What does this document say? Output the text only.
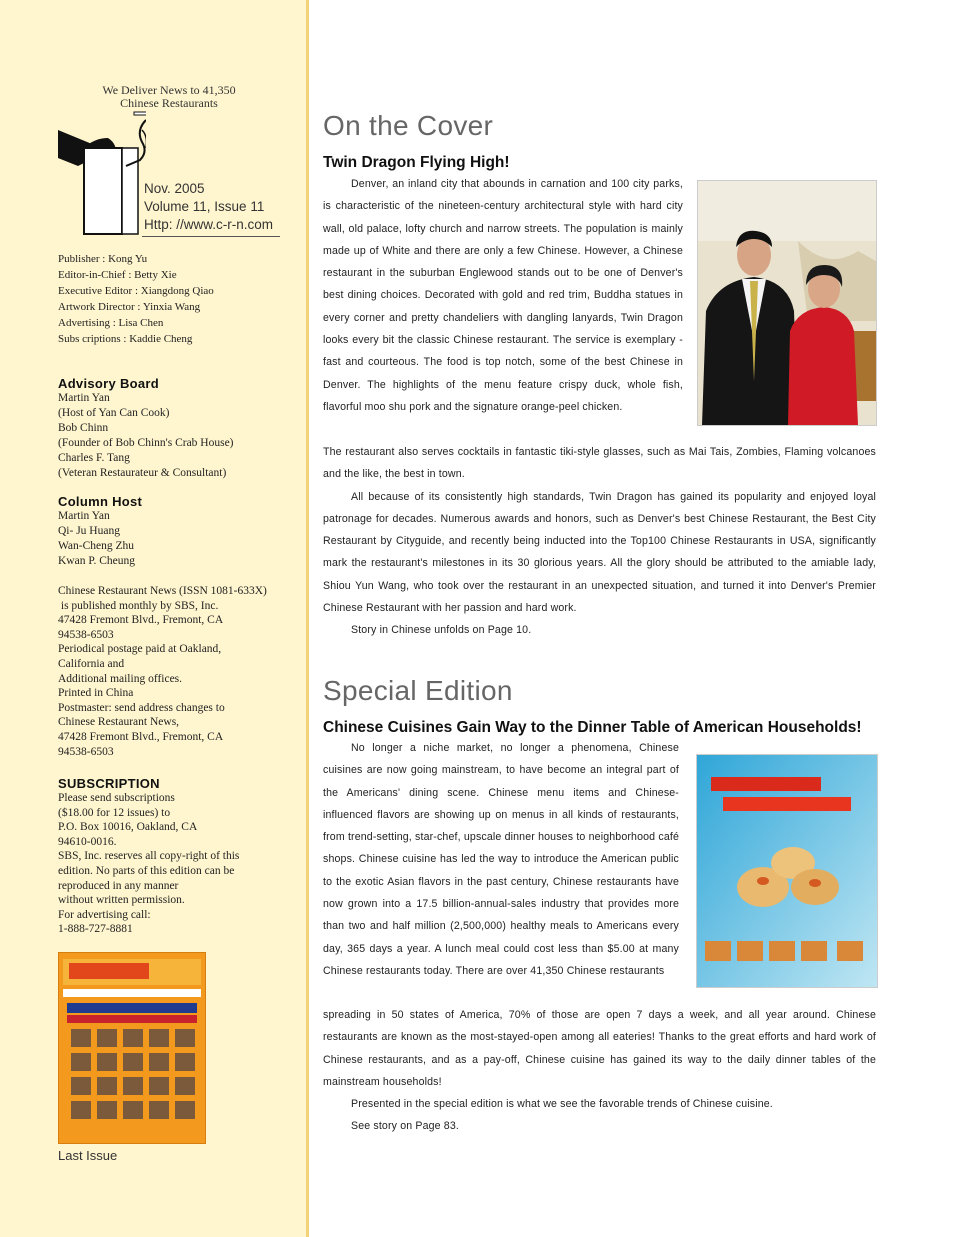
We Deliver News to 41,350
Chinese Restaurants
Nov. 2005
Volume 11, Issue 11
Http: //www.c-r-n.com
Publisher : Kong Yu
Editor-in-Chief : Betty Xie
Executive Editor : Xiangdong Qiao
Artwork Director : Yinxia Wang
Advertising : Lisa Chen
Subs criptions : Kaddie Cheng
Advisory Board
Martin Yan
(Host of Yan Can Cook)
Bob Chinn
(Founder of Bob Chinn's Crab House)
Charles F. Tang
(Veteran Restaurateur & Consultant)
Column Host
Martin Yan
Qi- Ju Huang
Wan-Cheng Zhu
Kwan P. Cheung
Chinese Restaurant News (ISSN 1081-633X)
is published monthly by SBS, Inc.
47428 Fremont Blvd., Fremont, CA
94538-6503
Periodical postage paid at Oakland,
California and
Additional mailing offices.
Printed in China
Postmaster: send address changes to
Chinese Restaurant News,
47428 Fremont Blvd., Fremont, CA
94538-6503
SUBSCRIPTION
Please send subscriptions
($18.00 for 12 issues) to
P.O. Box 10016, Oakland, CA
94610-0016.
SBS, Inc. reserves all copy-right of this
edition. No parts of this edition can be
reproduced in any manner
without written permission.
For advertising call:
1-888-727-8881
Last Issue
On the Cover
Twin Dragon Flying High!

Denver, an inland city that abounds in carnation and 100 city parks, is characteristic of the nineteen-century architectural style with hard city wall, old palace, lofty church and narrow streets. The population is mainly made up of White and there are only a few Chinese. However, a Chinese restaurant in the suburban Englewood stands out to be one of Denver's best dining choices. Decorated with gold and red trim, Buddha statues in every corner and pretty chandeliers with dangling lanyards, Twin Dragon looks every bit the classic Chinese restaurant. The service is exemplary - fast and courteous. The food is top notch, some of the best Chinese in Denver. The highlights of the menu feature crispy duck, whole fish, flavorful moo shu pork and the signature orange-peel chicken.

The restaurant also serves cocktails in fantastic tiki-style glasses, such as Mai Tais, Zombies, Flaming volcanoes and the like, the best in town.

All because of its consistently high standards, Twin Dragon has gained its popularity and enjoyed loyal patronage for decades. Numerous awards and honors, such as Denver's best Chinese Restaurant, the Best City Restaurant by Cityguide, and recently being inducted into the Top100 Chinese Restaurants in USA, significantly mark the restaurant's milestones in its 30 glorious years. All the glory should be attributed to the amiable lady, Shiou Yun Wang, who took over the restaurant in an unexpected situation, and turned it into Denver's Premier Chinese Restaurant with her passion and hard work.

Story in Chinese unfolds on Page 10.

Special Edition
Chinese Cuisines Gain Way to the Dinner Table of American Households!

No longer a niche market, no longer a phenomena, Chinese cuisines are now going mainstream, to have become an integral part of the Americans' dining scene. Chinese menu items and Chinese-influenced flavors are showing up on menus in all kinds of restaurants, from trend-setting, star-chef, upscale dinner houses to neighborhood café shops. Chinese cuisine has led the way to introduce the American public to the exotic Asian flavors in the past century, Chinese restaurants have now grown into a 17.5 billion-annual-sales industry that provides more than two and half million (2,500,000) healthy meals to Americans every day, 365 days a year. A lunch meal could cost less than $5.00 at many Chinese restaurants today. There are over 41,350 Chinese restaurants

spreading in 50 states of America, 70% of those are open 7 days a week, and all year around. Chinese restaurants are known as the most-stayed-open among all eateries! Thanks to the great efforts and hard work of Chinese restaurants, and as a pay-off, Chinese cuisine has gained its way to the daily dinner tables of the mainstream households!

Presented in the special edition is what we see the favorable trends of Chinese cuisine.

See story on Page 83.
